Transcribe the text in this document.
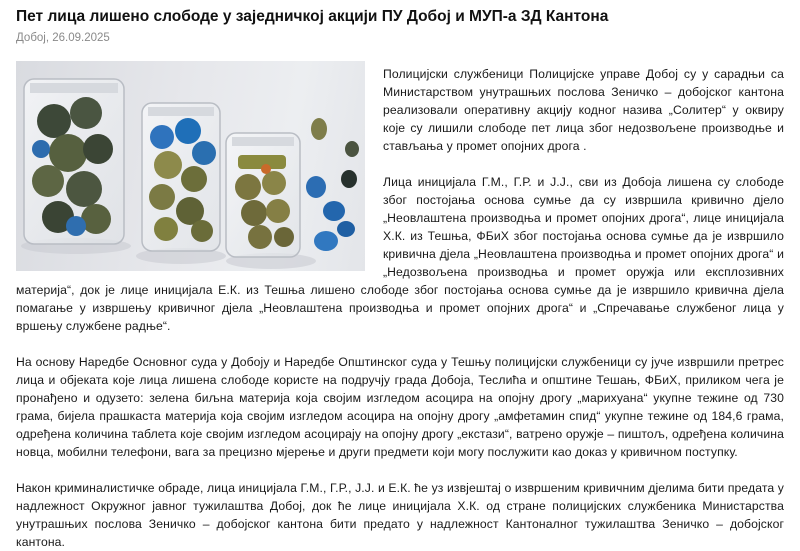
Пет лица лишено слободе у заједничкој акцији ПУ Добој и МУП-а ЗД Кантона
Добој, 26.09.2025

Полицијски службеници Полицијске управе Добој су у сарадњи са Министарством унутрашњих послова Зеничко – добојског кантона реализовали оперативну акцију кодног назива „Солитер“ у оквиру које су лишили слободе пет лица због недозвољене производње и стављања у промет опојних дрога .

Лица иницијала Г.М., Г.Р. и Ј.Ј., сви из Добоја лишена су слободе због постојања основа сумње да су извршила кривично дјело „Неовлаштена производња и промет опојних дрога“, лице иницијала Х.К. из Тешња, ФБиХ због постојања основа сумње да је извршило кривична дјела „Неовлаштена производња и промет опојних дрога“ и „Недозвољена производња и промет оружја или експлозивних материја“, док је лице иницијала Е.К. из Тешња лишено слободе због постојања основа сумње да је извршило кривична дјела помагање у извршењу кривичног дјела „Неовлаштена производња и промет опојних дрога“ и „Спречавање службеног лица у вршењу службене радње“.

На основу Наредбе Основног суда у Добоју и Наредбе Општинског суда у Тешњу полицијски службеници су јуче извршили претрес лица и објеката које лица лишена слободе користе на подручју града Добоја, Теслића и општине Тешањ, ФБиХ, приликом чега је пронађено и одузето: зелена биљна материја која својим изгледом асоцира на опојну дрогу „марихуана“ укупне тежине од 730 грама, бијела прашкаста материја која својим изгледом асоцира на опојну дрогу „амфетамин спид“ укупне тежине од 184,6 грама, одређена количина таблета које својим изгледом асоцирају на опојну дрогу „екстази“, ватрено оружје – пиштољ, одређена количина новца, мобилни телефони, вага за прецизно мјерење и други предмети који могу послужити као доказ у кривичном поступку.

Након криминалистичке обраде, лица иницијала Г.М., Г.Р., Ј.Ј. и Е.К. ће уз извјештај о извршеним кривичним дјелима бити предата у надлежност Окружног јавног тужилаштва Добој, док ће лице иницијала Х.К. од стране полицијских службеника Министарства унутрашњих послова Зеничко – добојског кантона бити предато у надлежност Кантоналног тужилаштва Зеничко – добојског кантона.
